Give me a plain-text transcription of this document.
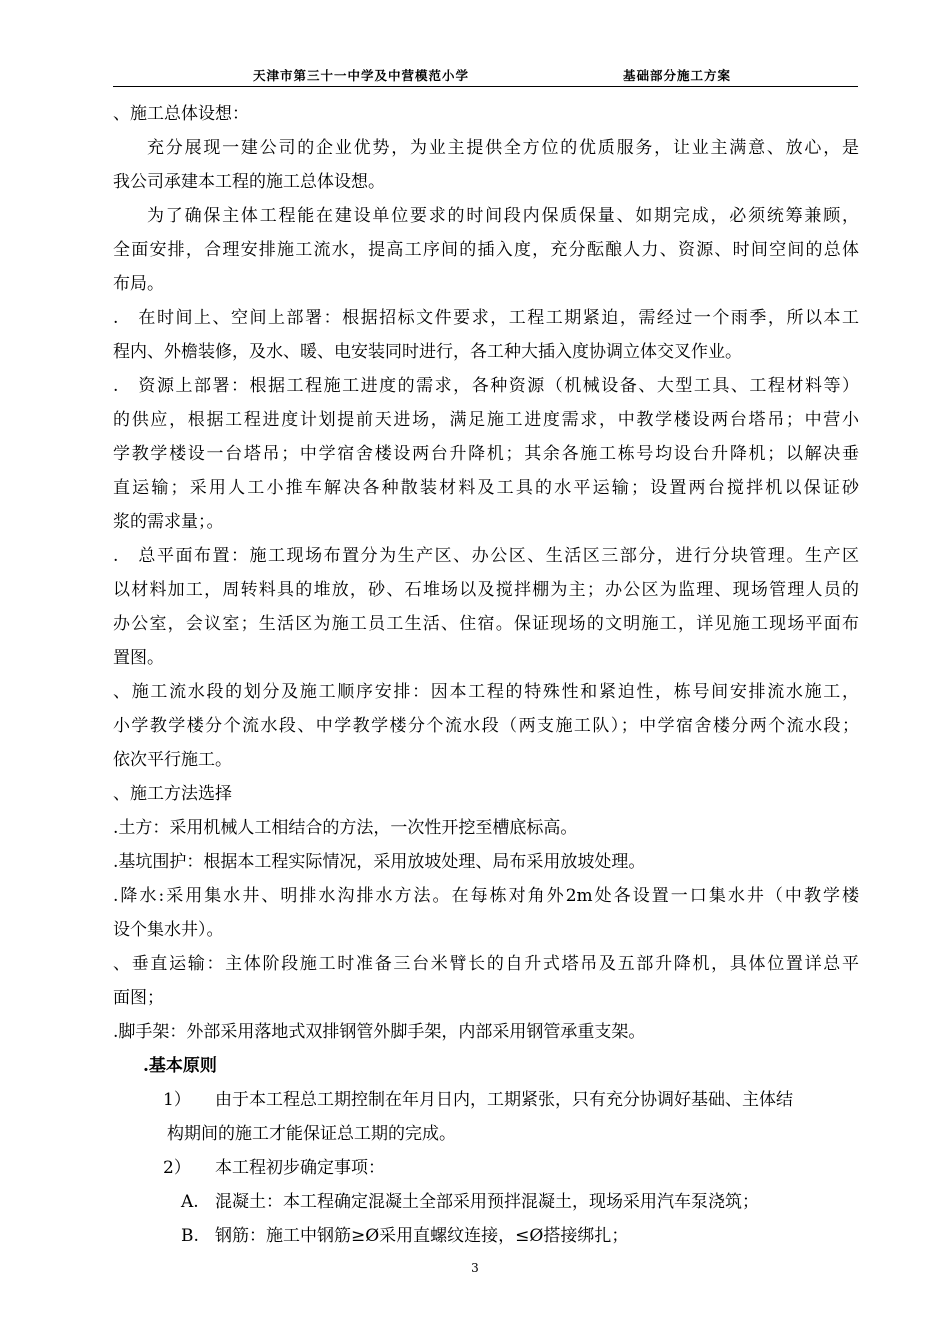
天津市第三十一中学及中营模范小学	基础部分施工方案
、施工总体设想：
充分展现一建公司的企业优势，为业主提供全方位的优质服务，让业主满意、放心，是
我公司承建本工程的施工总体设想。
为了确保主体工程能在建设单位要求的时间段内保质保量、如期完成，必须统筹兼顾，
全面安排，合理安排施工流水，提高工序间的插入度，充分酝酿人力、资源、时间空间的总体
布局。
.　在时间上、空间上部署：根据招标文件要求，工程工期紧迫，需经过一个雨季，所以本工
程内、外檐装修，及水、暖、电安装同时进行，各工种大插入度协调立体交叉作业。
.　资源上部署：根据工程施工进度的需求，各种资源（机械设备、大型工具、工程材料等）
的供应，根据工程进度计划提前天进场，满足施工进度需求，中教学楼设两台塔吊；中营小
学教学楼设一台塔吊；中学宿舍楼设两台升降机；其余各施工栋号均设台升降机；以解决垂
直运输；采用人工小推车解决各种散装材料及工具的水平运输；设置两台搅拌机以保证砂
浆的需求量；。
.　总平面布置：施工现场布置分为生产区、办公区、生活区三部分，进行分块管理。生产区
以材料加工，周转料具的堆放，砂、石堆场以及搅拌棚为主；办公区为监理、现场管理人员的
办公室，会议室；生活区为施工员工生活、住宿。保证现场的文明施工，详见施工现场平面布
置图。
、施工流水段的划分及施工顺序安排：因本工程的特殊性和紧迫性，栋号间安排流水施工，
小学教学楼分个流水段、中学教学楼分个流水段（两支施工队）；中学宿舍楼分两个流水段；
依次平行施工。
、施工方法选择
.土方：采用机械人工相结合的方法，一次性开挖至槽底标高。
.基坑围护：根据本工程实际情况，采用放坡处理、局布采用放坡处理。
.降水:采用集水井、明排水沟排水方法。在每栋对角外2m处各设置一口集水井（中教学楼
设个集水井）。
、垂直运输：主体阶段施工时准备三台米臂长的自升式塔吊及五部升降机，具体位置详总平
面图；
.脚手架：外部采用落地式双排钢管外脚手架，内部采用钢管承重支架。
.基本原则
1） 由于本工程总工期控制在年月日内，工期紧张，只有充分协调好基础、主体结
构期间的施工才能保证总工期的完成。
2） 本工程初步确定事项：
A. 混凝土：本工程确定混凝土全部采用预拌混凝土，现场采用汽车泵浇筑；
B. 钢筋：施工中钢筋≥Ø采用直螺纹连接，≤Ø搭接绑扎；
3
